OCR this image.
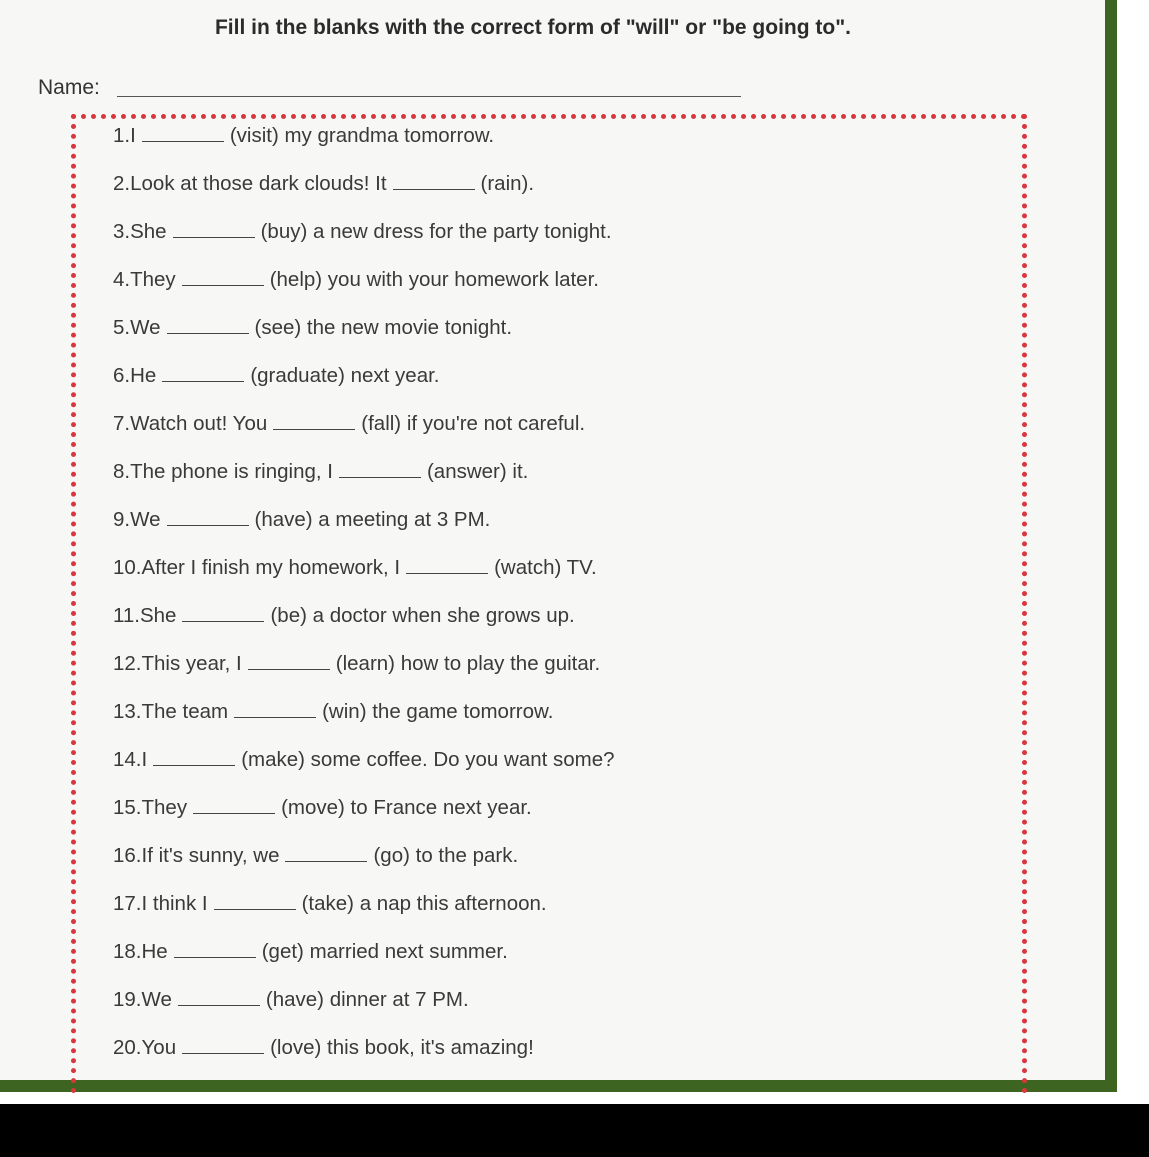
Fill in the blanks with the correct form of "will" or "be going to".
Name:
1.I	(visit) my grandma tomorrow.
2.Look at those dark clouds! It	(rain).
3.She	(buy) a new dress for the party tonight.
4.They	(help) you with your homework later.
5.We	(see) the new movie tonight.
6.He	(graduate) next year.
7.Watch out! You	(fall) if you're not careful.
8.The phone is ringing, I	(answer) it.
9.We	(have) a meeting at 3 PM.
10.After I finish my homework, I	(watch) TV.
11.She	(be) a doctor when she grows up.
12.This year, I	(learn) how to play the guitar.
13.The team	(win) the game tomorrow.
14.I	(make) some coffee. Do you want some?
15.They	(move) to France next year.
16.If it's sunny, we	(go) to the park.
17.I think I	(take) a nap this afternoon.
18.He	(get) married next summer.
19.We	(have) dinner at 7 PM.
20.You	(love) this book, it's amazing!
